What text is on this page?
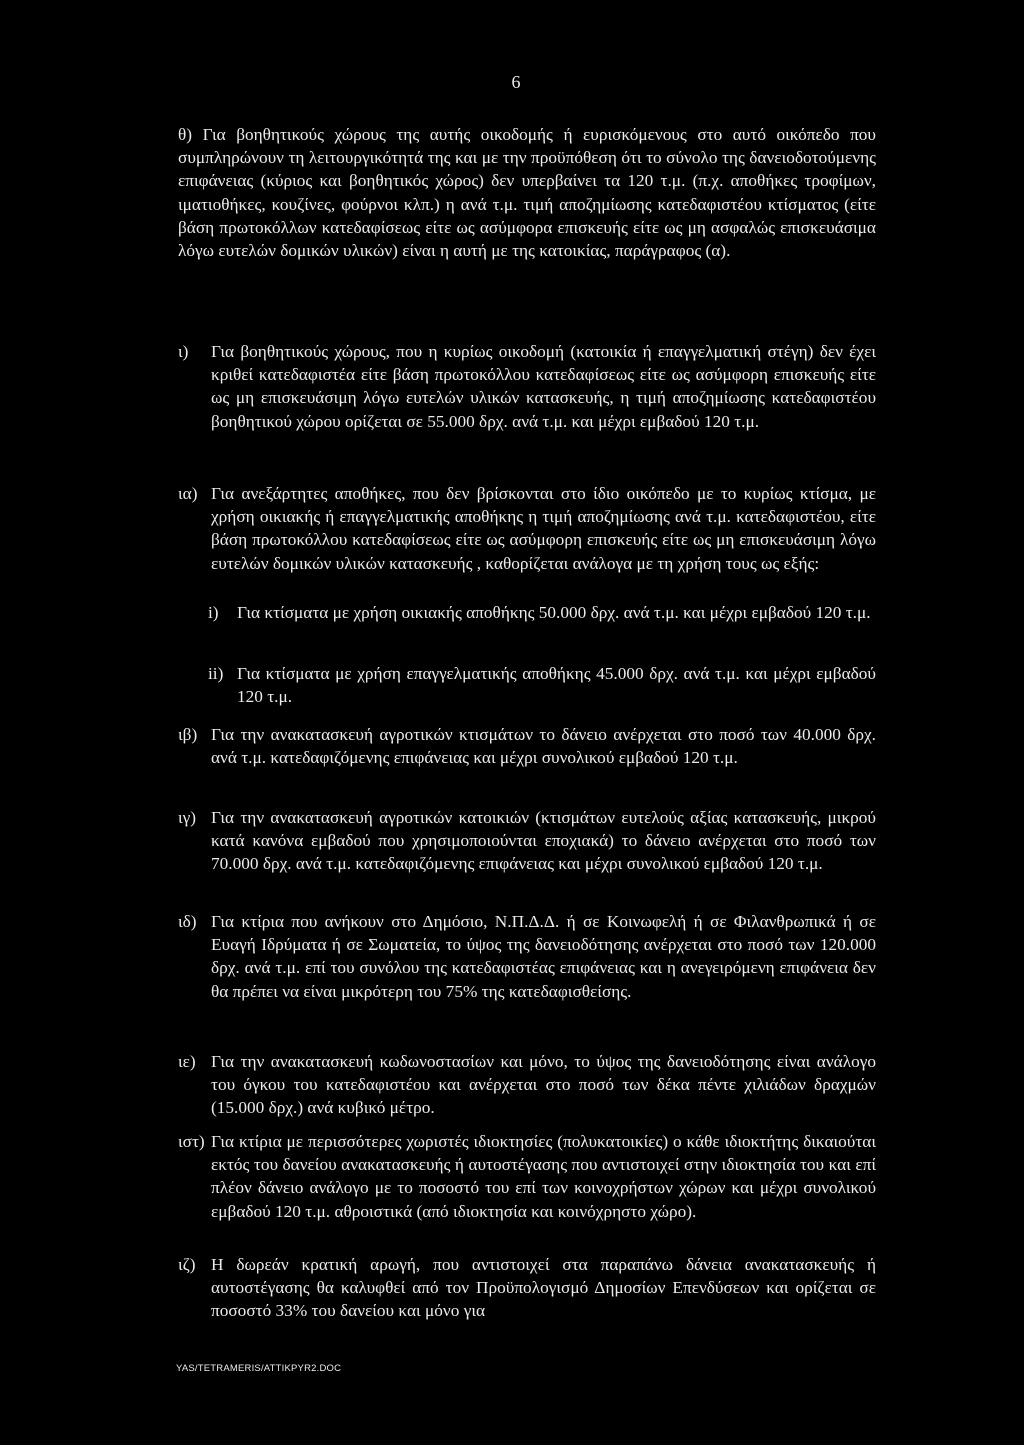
6
θ) Για βοηθητικούς χώρους της αυτής οικοδομής ή ευρισκόμενους στο αυτό οικόπεδο που συμπληρώνουν τη λειτουργικότητά της και με την προϋπόθεση ότι το σύνολο της δανειοδοτούμενης επιφάνειας (κύριος και βοηθητικός χώρος) δεν υπερβαίνει τα 120 τ.μ. (π.χ. αποθήκες τροφίμων, ιματιοθήκες, κουζίνες, φούρνοι κλπ.) η ανά τ.μ. τιμή αποζημίωσης κατεδαφιστέου κτίσματος (είτε βάση πρωτοκόλλων κατεδαφίσεως είτε ως ασύμφορα επισκευής είτε ως μη ασφαλώς επισκευάσιμα λόγω ευτελών δομικών υλικών) είναι η αυτή με της κατοικίας, παράγραφος (α).
ι)	Για βοηθητικούς χώρους, που η κυρίως οικοδομή (κατοικία ή επαγγελματική στέγη) δεν έχει κριθεί κατεδαφιστέα είτε βάση πρωτοκόλλου κατεδαφίσεως είτε ως ασύμφορη επισκευής είτε ως μη επισκευάσιμη λόγω ευτελών υλικών κατασκευής, η τιμή αποζημίωσης κατεδαφιστέου βοηθητικού χώρου ορίζεται σε 55.000 δρχ. ανά τ.μ. και μέχρι εμβαδού 120 τ.μ.
ια) Για ανεξάρτητες αποθήκες, που δεν βρίσκονται στο ίδιο οικόπεδο με το κυρίως κτίσμα, με χρήση οικιακής ή επαγγελματικής αποθήκης η τιμή αποζημίωσης ανά τ.μ. κατεδαφιστέου, είτε βάση πρωτοκόλλου κατεδαφίσεως είτε ως ασύμφορη επισκευής είτε ως μη επισκευάσιμη λόγω ευτελών δομικών υλικών κατασκευής , καθορίζεται ανάλογα με τη χρήση τους ως εξής:
i)	Για κτίσματα με χρήση οικιακής αποθήκης 50.000 δρχ. ανά τ.μ. και μέχρι εμβαδού 120 τ.μ.
ii) Για κτίσματα με χρήση επαγγελματικής αποθήκης 45.000 δρχ. ανά τ.μ. και μέχρι εμβαδού 120 τ.μ.
ιβ) Για την ανακατασκευή αγροτικών κτισμάτων το δάνειο ανέρχεται στο ποσό των 40.000 δρχ. ανά τ.μ. κατεδαφιζόμενης επιφάνειας και μέχρι συνολικού εμβαδού 120 τ.μ.
ιγ) Για την ανακατασκευή αγροτικών κατοικιών (κτισμάτων ευτελούς αξίας κατασκευής, μικρού κατά κανόνα εμβαδού που χρησιμοποιούνται εποχιακά) το δάνειο ανέρχεται στο ποσό των 70.000 δρχ. ανά τ.μ. κατεδαφιζόμενης επιφάνειας και μέχρι συνολικού εμβαδού 120 τ.μ.
ιδ) Για κτίρια που ανήκουν στο Δημόσιο, Ν.Π.Δ.Δ. ή σε Κοινωφελή ή σε Φιλανθρωπικά ή σε Ευαγή Ιδρύματα ή σε Σωματεία, το ύψος της δανειοδότησης ανέρχεται στο ποσό των 120.000 δρχ. ανά τ.μ. επί του συνόλου της κατεδαφιστέας επιφάνειας και η ανεγειρόμενη επιφάνεια δεν θα πρέπει να είναι μικρότερη του 75% της κατεδαφισθείσης.
ιε) Για την ανακατασκευή κωδωνοστασίων και μόνο, το ύψος της δανειοδότησης είναι ανάλογο του όγκου του κατεδαφιστέου και ανέρχεται στο ποσό των δέκα πέντε χιλιάδων δραχμών (15.000 δρχ.) ανά κυβικό μέτρο.
ιστ) Για κτίρια με περισσότερες χωριστές ιδιοκτησίες (πολυκατοικίες) ο κάθε ιδιοκτήτης δικαιούται εκτός του δανείου ανακατασκευής ή αυτοστέγασης που αντιστοιχεί στην ιδιοκτησία του και επί πλέον δάνειο ανάλογο με το ποσοστό του επί των κοινοχρήστων χώρων και μέχρι συνολικού εμβαδού 120 τ.μ. αθροιστικά (από ιδιοκτησία και κοινόχρηστο χώρο).
ιζ) Η δωρεάν κρατική αρωγή, που αντιστοιχεί στα παραπάνω δάνεια ανακατασκευής ή αυτοστέγασης θα καλυφθεί από τον Προϋπολογισμό Δημοσίων Επενδύσεων και ορίζεται σε ποσοστό 33% του δανείου και μόνο για
YAS/TETRAMERIS/ATTIKPYR2.DOC
